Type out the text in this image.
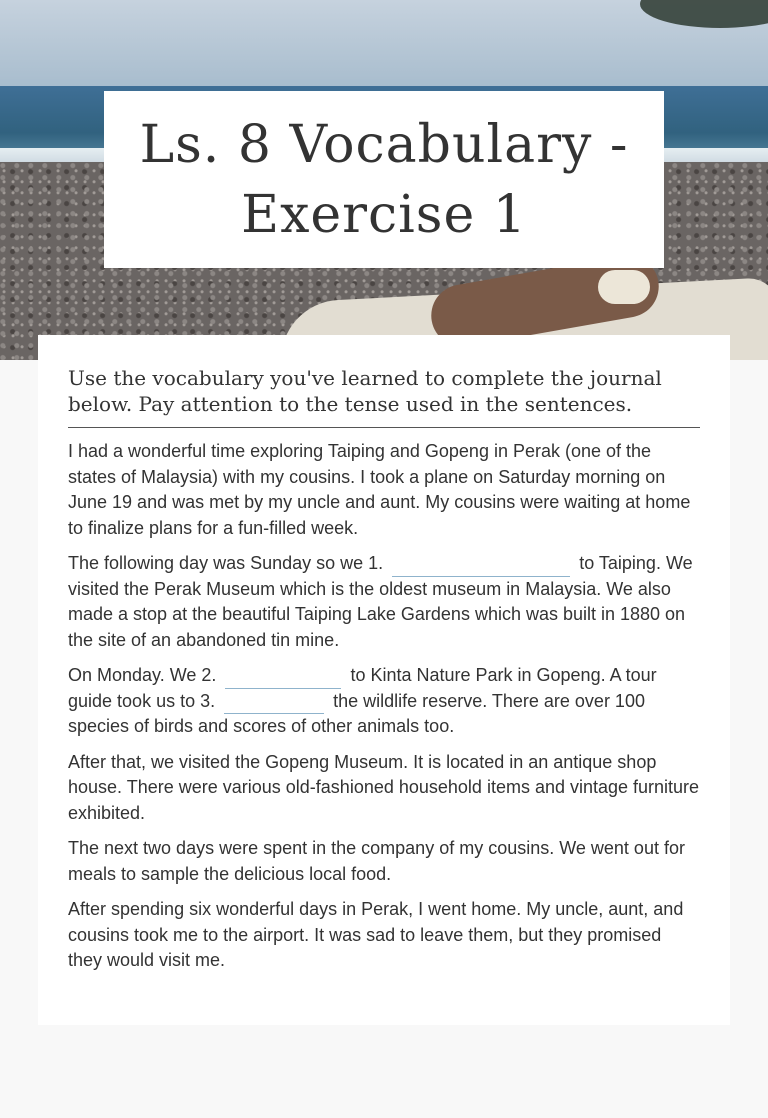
Ls. 8 Vocabulary -
Exercise 1
Use the vocabulary you've learned to complete the journal below. Pay attention to the tense used in the sentences.

I had a wonderful time exploring Taiping and Gopeng in Perak (one of the states of Malaysia) with my cousins. I took a plane on Saturday morning on June 19 and was met by my uncle and aunt. My cousins were waiting at home to finalize plans for a fun-filled week.

The following day was Sunday so we 1.	to Taiping. We visited the Perak Museum which is the oldest museum in Malaysia. We also made a stop at the beautiful Taiping Lake Gardens which was built in 1880 on the site of an abandoned tin mine.

On Monday. We 2.	to Kinta Nature Park in Gopeng. A tour guide took us to 3.	the wildlife reserve. There are over 100 species of birds and scores of other animals too.

After that, we visited the Gopeng Museum. It is located in an antique shop house. There were various old-fashioned household items and vintage furniture exhibited.

The next two days were spent in the company of my cousins. We went out for meals to sample the delicious local food.

After spending six wonderful days in Perak, I went home. My uncle, aunt, and cousins took me to the airport. It was sad to leave them, but they promised they would visit me.
